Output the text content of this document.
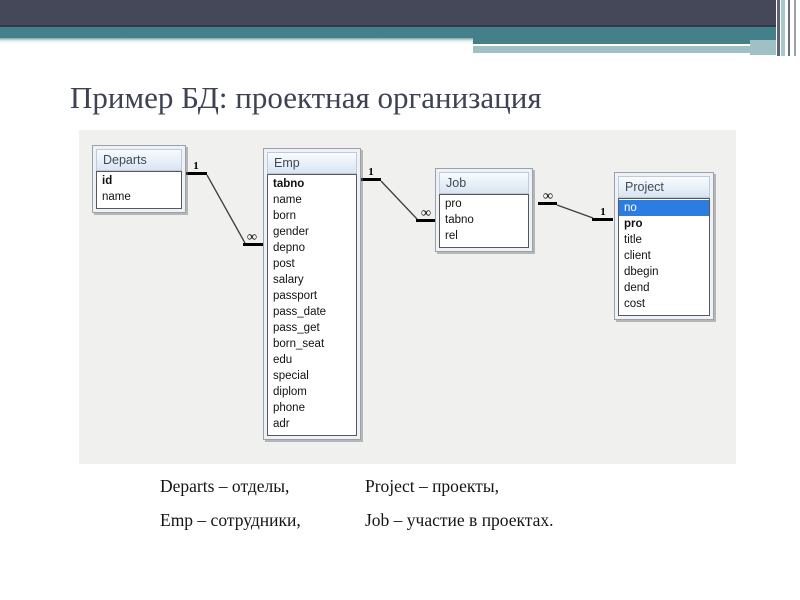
Пример БД: проектная организация
1
∞
1
∞
∞
1
Departs
id
name
Emp
tabno
name
born
gender
depno
post
salary
passport
pass_date
pass_get
born_seat
edu
special
diplom
phone
adr
Job
pro
tabno
rel
Project
no
pro
title
client
dbegin
dend
cost
Departs – отделы,	Project – проекты,
Emp – сотрудники,	Job – участие в проектах.
